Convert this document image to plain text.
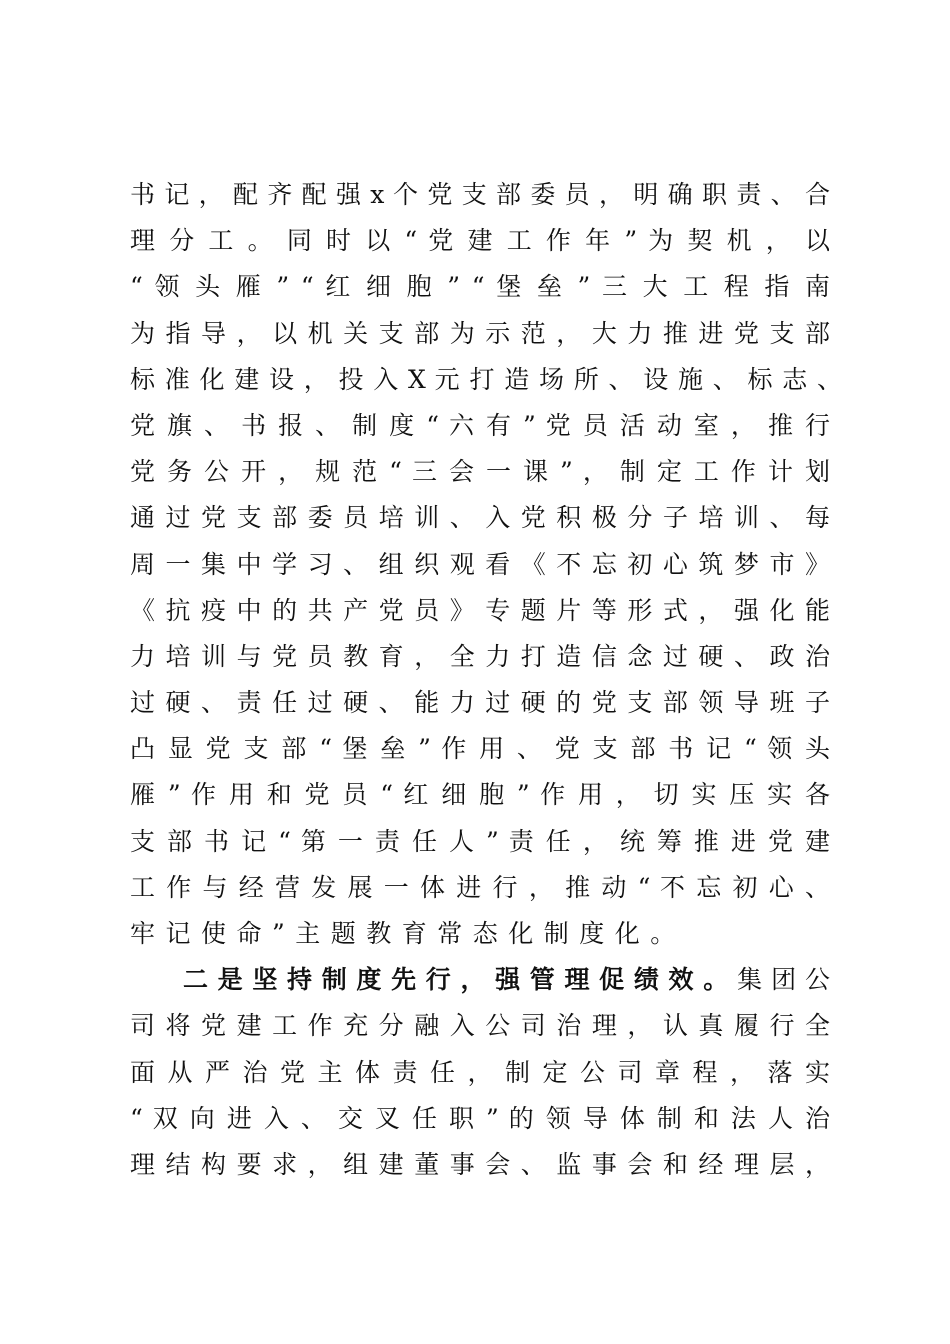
书 记 ， 配 齐 配 强 x 个 党 支 部 委 员 ， 明 确 职 责 、 合
理 分 工 。 同 时 以 “ 党 建 工 作 年 ” 为 契 机 ， 以
“ 领 头 雁 ” “ 红 细 胞 ” “ 堡 垒 ” 三 大 工 程 指 南
为 指 导 ， 以 机 关 支 部 为 示 范 ， 大 力 推 进 党 支 部
标 准 化 建 设 ， 投 入 X 元 打 造 场 所 、 设 施 、 标 志 、
党 旗 、 书 报 、 制 度 “ 六 有 ” 党 员 活 动 室 ， 推 行
党 务 公 开 ， 规 范 “ 三 会 一 课 ” ， 制 定 工 作 计 划
通 过 党 支 部 委 员 培 训 、 入 党 积 极 分 子 培 训 、 每
周 一 集 中 学 习 、 组 织 观 看 《 不 忘 初 心 筑 梦 市 》
《 抗 疫 中 的 共 产 党 员 》 专 题 片 等 形 式 ， 强 化 能
力 培 训 与 党 员 教 育 ， 全 力 打 造 信 念 过 硬 、 政 治
过 硬 、 责 任 过 硬 、 能 力 过 硬 的 党 支 部 领 导 班 子
凸 显 党 支 部 “ 堡 垒 ” 作 用 、 党 支 部 书 记 “ 领 头
雁 ” 作 用 和 党 员 “ 红 细 胞 ” 作 用 ， 切 实 压 实 各
支 部 书 记 “ 第 一 责 任 人 ” 责 任 ， 统 筹 推 进 党 建
工 作 与 经 营 发 展 一 体 进 行 ， 推 动 “ 不 忘 初 心 、
牢记使命”主题教育常态化制度化。
二 是 坚 持 制 度 先 行 ， 强 管 理 促 绩 效 。 集 团 公
司 将 党 建 工 作 充 分 融 入 公 司 治 理 ， 认 真 履 行 全
面 从 严 治 党 主 体 责 任 ， 制 定 公 司 章 程 ， 落 实
“ 双 向 进 入 、 交 叉 任 职 ” 的 领 导 体 制 和 法 人 治
理 结 构 要 求 ， 组 建 董 事 会 、 监 事 会 和 经 理 层 ，
